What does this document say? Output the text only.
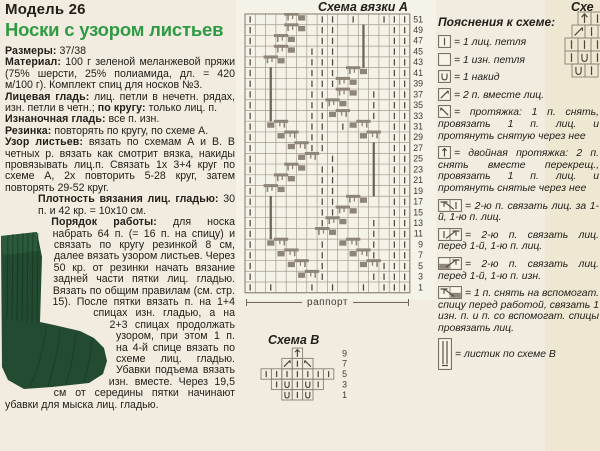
Модель 26
Носки с узором листьев

Размеры: 37/38

Материал: 100 г зеленой меланжевой пряжи (75% шерсти, 25% полиамида, дл. = 420 м/100 г). Комплект спиц для носков №3.

Лицевая гладь: лиц. петли в нечетн. рядах, изн. петли в четн.; по кругу: только лиц. п.

Изнаночная гладь: все п. изн.

Резинка: повторять по кругу, по схеме А.

Узор листьев: вязать по схемам А и В. В четных р. вязать как смотрит вязка, накиды провязывать лиц.п. Связать 1х 3+4 круг по схеме А, 2х повторить 5-28 круг, затем повторять 29-52 круг.

Плотность вязания лиц. гладью: 30 п. и 42 кр. = 10х10 см.

Порядок работы: для носка набрать 64 п. (= 16 п. на спицу) и связать по кругу резинкой 8 см, далее вязать узором листьев. Через 50 кр. от резинки начать вязание задней части пятки лиц. гладью. Вязать по общим правилам (см. стр. 15). После пятки вязать п. на 1+4 спицах изн. гладью, а на 2+3 спицах продолжать узором, при этом 1 п. на 4-й спице вязать по схеме лиц. гладью. Убавки подъема вязать изн. вместе. Через 19,5 см от середины пятки начинают убавки для мыска лиц. гладью.

Схема вязки А
51
49
47
45
43
41
39
37
35
33
31
29
27
25
23
21
19
17
15
13
11
9
7
5
3
1
раппорт
Схема В
9
7
5
3
1
Схе
Пояснения к схеме:
= 1 лиц. петля
= 1 изн. петля
= 1 накид
= 2 п. вместе лиц.
= протяжка: 1 п. снять, провязать 1 п. лиц. и протянуть снятую через нее
= двойная протяжка: 2 п. снять вместе перекрещ., провязать 1 п. лиц. и протянуть снятые через нее
= 2-ю п. связать лиц. за 1-й, 1-ю п. лиц.
= 2-ю п. связать лиц. перед 1-й, 1-ю п. лиц.
= 2-ю п. связать лиц. перед 1-й, 1-ю п. изн.
= 1 п. снять на вспомогат. спицу перед работой, связать 1 изн. п. и п. со вспомогат. спицы провязать лиц.
= листик по схеме В
